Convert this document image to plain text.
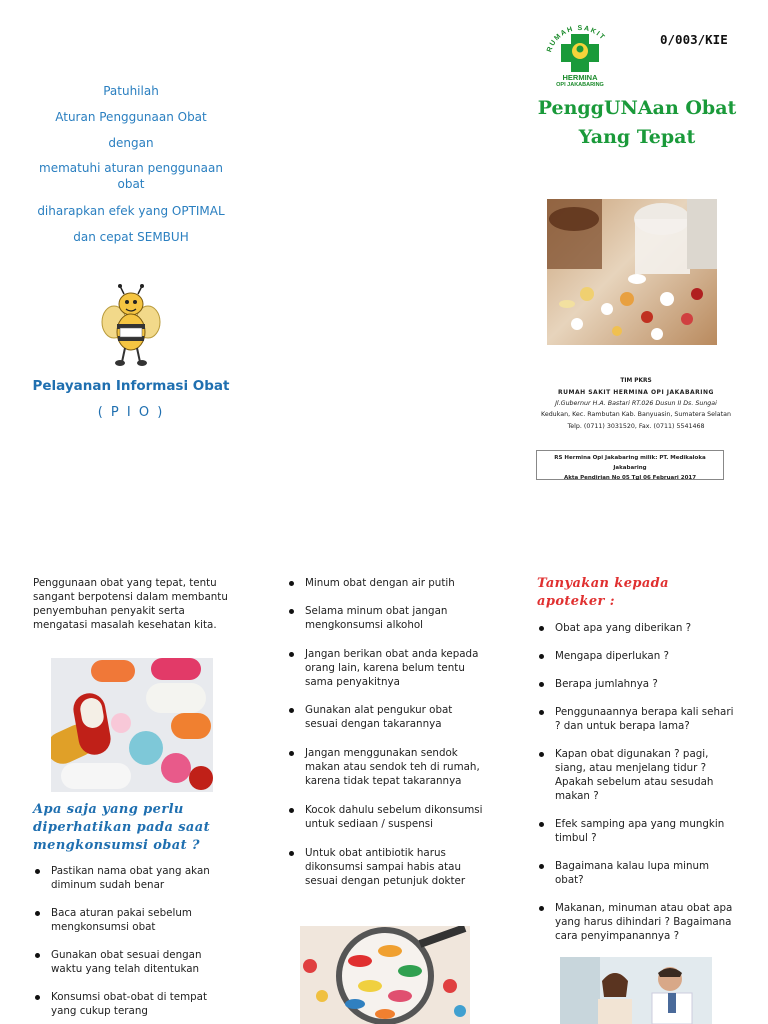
Patuhilah
Aturan Penggunaan Obat
dengan
mematuhi aturan penggunaan obat
diharapkan efek yang OPTIMAL
dan cepat SEMBUH
Pelayanan Informasi Obat
( P I O )
0/003/KIE
RUMAH SAKIT
HERMINA
OPI JAKABARING
PenggUNAan Obat
Yang Tepat
TIM PKRS
RUMAH SAKIT HERMINA OPI JAKABARING
Jl.Gubernur H.A. Bastari RT.026 Dusun II Ds. Sungai
Kedukan, Kec. Rambutan Kab. Banyuasin, Sumatera Selatan
Telp. (0711) 3031520, Fax. (0711) 5541468
RS Hermina Opi Jakabaring milik: PT. Medikaloka Jakabaring
Akta Pendirian No 05 Tgl 06 Februari 2017
Penggunaan obat yang tepat, tentu sangant berpotensi dalam membantu penyembuhan penyakit serta mengatasi masalah kesehatan kita.
Apa saja yang perlu diperhatikan pada saat mengkonsumsi obat ?
Pastikan nama obat yang akan diminum sudah benar
Baca aturan pakai sebelum mengkonsumsi obat
Gunakan obat sesuai dengan waktu yang telah ditentukan
Konsumsi obat-obat di tempat yang cukup terang
Minum obat dengan air putih
Selama minum obat jangan mengkonsumsi alkohol
Jangan berikan obat anda kepada orang lain, karena belum tentu sama penyakitnya
Gunakan alat pengukur obat sesuai dengan takarannya
Jangan menggunakan sendok makan atau sendok teh di rumah, karena tidak tepat takarannya
Kocok dahulu sebelum dikonsumsi untuk sediaan / suspensi
Untuk obat antibiotik harus dikonsumsi sampai habis atau sesuai dengan petunjuk dokter
Tanyakan kepada apoteker :
Obat apa yang diberikan ?
Mengapa diperlukan ?
Berapa jumlahnya ?
Penggunaannya berapa kali sehari ? dan untuk berapa lama?
Kapan obat digunakan ? pagi, siang, atau menjelang tidur ? Apakah sebelum atau sesudah makan ?
Efek samping apa yang mungkin timbul ?
Bagaimana kalau lupa minum obat?
Makanan, minuman atau obat apa yang harus dihindari ? Bagaimana cara penyimpanannya ?
